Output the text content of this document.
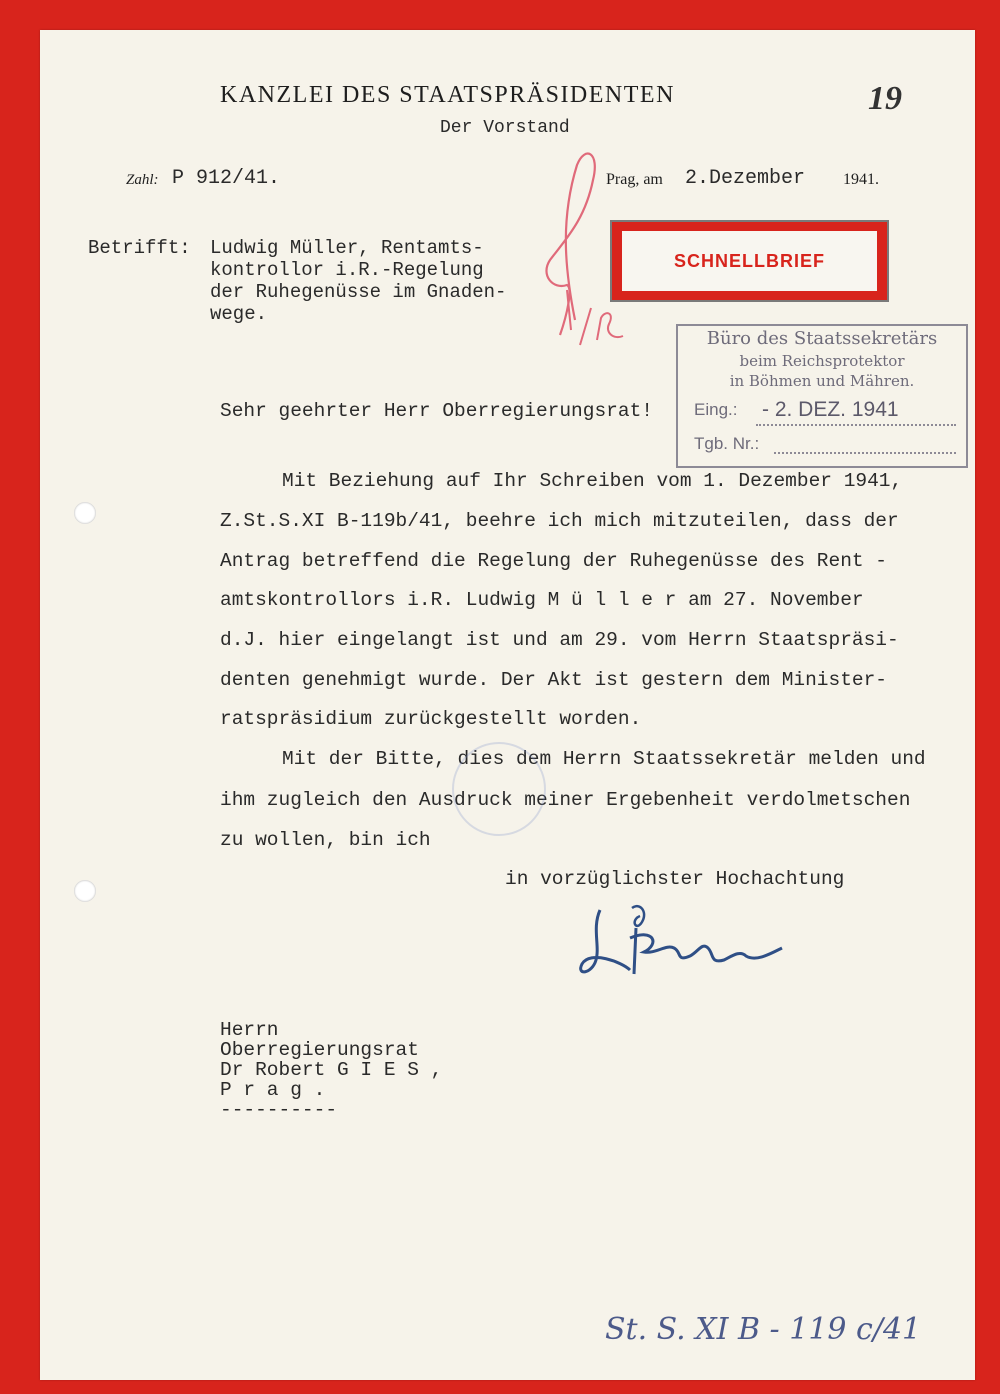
KANZLEI DES STAATSPRÄSIDENTEN
Der Vorstand
19
Zahl: P 912/41.	Prag, am 2.Dezember 1941.
Betrifft: Ludwig Müller, Rentamts-
kontrollor i.R.-Regelung
der Ruhegenüsse im Gnaden-
wege.
SCHNELLBRIEF
Büro des Staatssekretärs
beim Reichsprotektor
in Böhmen und Mähren.
Eing.: - 2. DEZ. 1941
Tgb. Nr.:
Sehr geehrter Herr Oberregierungsrat!
Mit Beziehung auf Ihr Schreiben vom 1. Dezember 1941,
Z.St.S.XI B-119b/41, beehre ich mich mitzuteilen, dass der
Antrag betreffend die Regelung der Ruhegenüsse des Rent -
amtskontrollors i.R. Ludwig M ü l l e r am 27. November
d.J. hier eingelangt ist und am 29. vom Herrn Staatspräsi-
denten genehmigt wurde. Der Akt ist gestern dem Minister-
ratspräsidium zurückgestellt worden.
Mit der Bitte, dies dem Herrn Staatssekretär melden und
ihm zugleich den Ausdruck meiner Ergebenheit verdolmetschen
zu wollen, bin ich
in vorzüglichster Hochachtung
Herrn
Oberregierungsrat
Dr Robert G I E S ,
P r a g .
----------
St. S. XI B - 119 c/41
